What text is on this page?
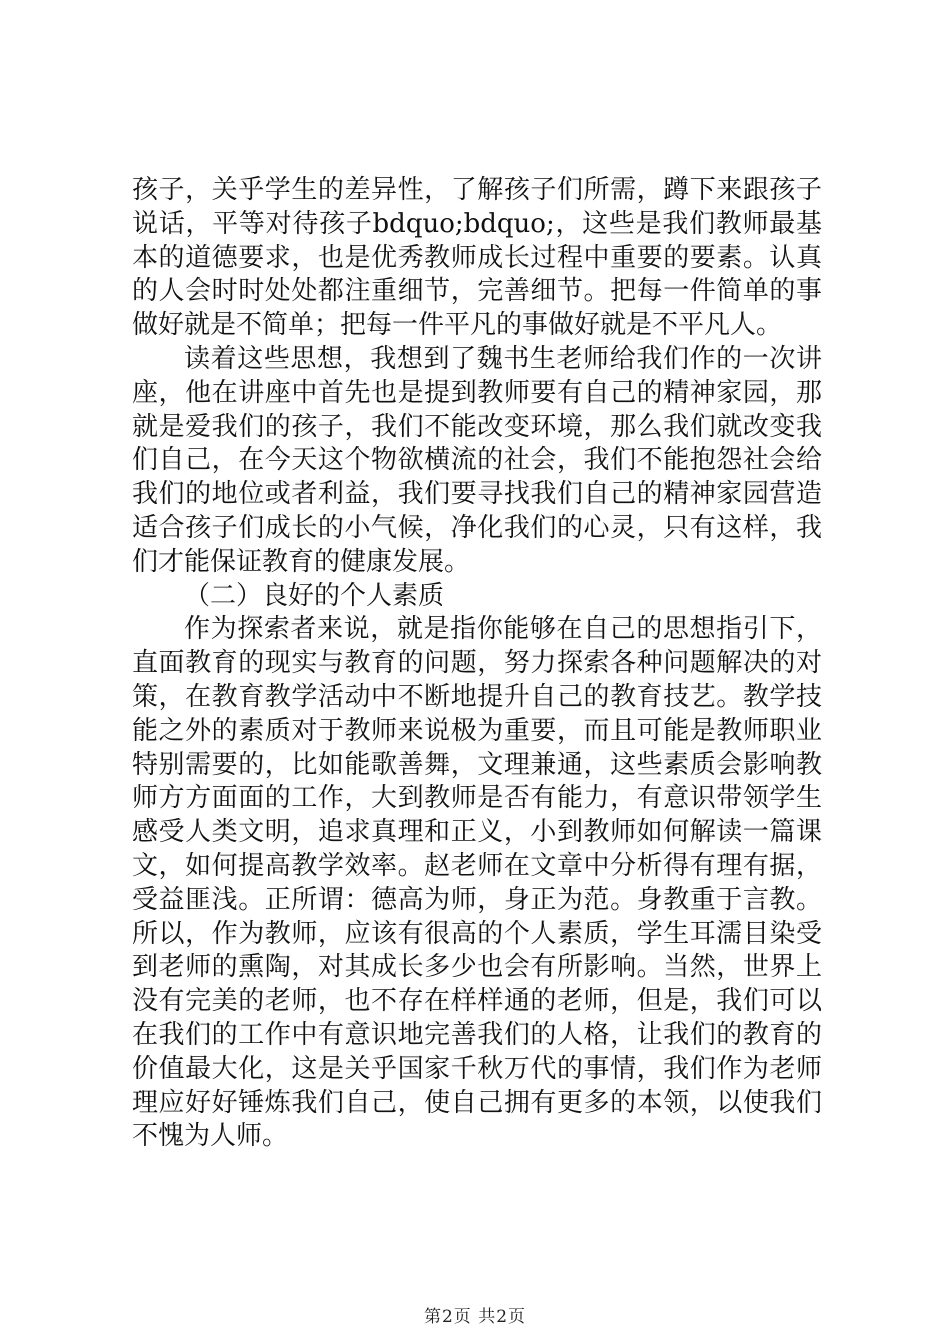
孩子，关乎学生的差异性，了解孩子们所需，蹲下来跟孩子说话，平等对待孩子bdquo;bdquo;，这些是我们教师最基本的道德要求，也是优秀教师成长过程中重要的要素。认真的人会时时处处都注重细节，完善细节。把每一件简单的事做好就是不简单；把每一件平凡的事做好就是不平凡人。

读着这些思想，我想到了魏书生老师给我们作的一次讲座，他在讲座中首先也是提到教师要有自己的精神家园，那就是爱我们的孩子，我们不能改变环境，那么我们就改变我们自己，在今天这个物欲横流的社会，我们不能抱怨社会给我们的地位或者利益，我们要寻找我们自己的精神家园营造适合孩子们成长的小气候，净化我们的心灵，只有这样，我们才能保证教育的健康发展。

（二）良好的个人素质

作为探索者来说，就是指你能够在自己的思想指引下，直面教育的现实与教育的问题，努力探索各种问题解决的对策，在教育教学活动中不断地提升自己的教育技艺。教学技能之外的素质对于教师来说极为重要，而且可能是教师职业特别需要的，比如能歌善舞，文理兼通，这些素质会影响教师方方面面的工作，大到教师是否有能力，有意识带领学生感受人类文明，追求真理和正义，小到教师如何解读一篇课文，如何提高教学效率。赵老师在文章中分析得有理有据，受益匪浅。正所谓：德高为师，身正为范。身教重于言教。所以，作为教师，应该有很高的个人素质，学生耳濡目染受到老师的熏陶，对其成长多少也会有所影响。当然，世界上没有完美的老师，也不存在样样通的老师，但是，我们可以在我们的工作中有意识地完善我们的人格，让我们的教育的价值最大化，这是关乎国家千秋万代的事情，我们作为老师理应好好锤炼我们自己，使自己拥有更多的本领，以使我们不愧为人师。

第2页 共2页
